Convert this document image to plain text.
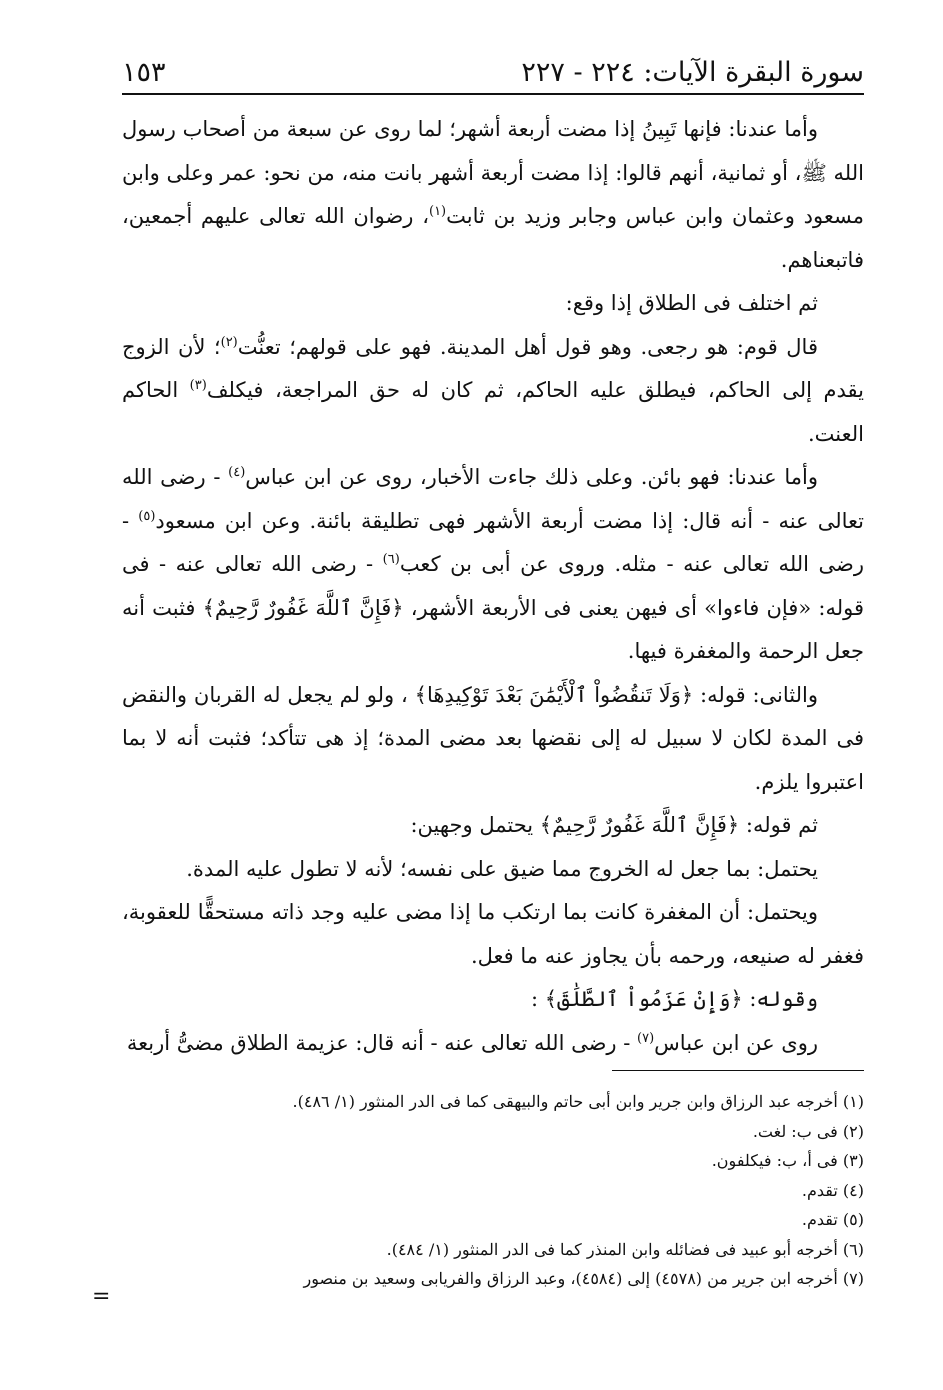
سورة البقرة الآيات: ٢٢٤ - ٢٢٧
١٥٣

وأما عندنا: فإنها تَبِينُ إذا مضت أربعة أشهر؛ لما روى عن سبعة من أصحاب رسول الله ﷺ، أو ثمانية، أنهم قالوا: إذا مضت أربعة أشهر بانت منه، من نحو: عمر وعلى وابن مسعود وعثمان وابن عباس وجابر وزيد بن ثابت$^{(١)}$، رضوان الله تعالى عليهم أجمعين، فاتبعناهم.

ثم اختلف فى الطلاق إذا وقع:

قال قوم: هو رجعى. وهو قول أهل المدينة. فهو على قولهم؛ تعنُّت$^{(٢)}$؛ لأن الزوج يقدم إلى الحاكم، فيطلق عليه الحاكم، ثم كان له حق المراجعة، فيكلف$^{(٣)}$ الحاكم العنت.

وأما عندنا: فهو بائن. وعلى ذلك جاءت الأخبار، روى عن ابن عباس$^{(٤)}$ - رضى الله تعالى عنه - أنه قال: إذا مضت أربعة الأشهر فهى تطليقة بائنة. وعن ابن مسعود$^{(٥)}$ - رضى الله تعالى عنه - مثله. وروى عن أبى بن كعب$^{(٦)}$ - رضى الله تعالى عنه - فى قوله: «فإن فاءوا» أى فيهن يعنى فى الأربعة الأشهر، ﴿فَإِنَّ ٱللَّهَ غَفُورٌ رَّحِيمٌ﴾ فثبت أنه جعل الرحمة والمغفرة فيها.

والثانى: قوله: ﴿وَلَا تَنقُضُواْ ٱلْأَيْمَٰنَ بَعْدَ تَوْكِيدِهَا﴾ ، ولو لم يجعل له القربان والنقض فى المدة لكان لا سبيل له إلى نقضها بعد مضى المدة؛ إذ هى تتأكد؛ فثبت أنه لا بما اعتبروا يلزم.

ثم قوله: ﴿فَإِنَّ ٱللَّهَ غَفُورٌ رَّحِيمٌ﴾ يحتمل وجهين:

يحتمل: بما جعل له الخروج مما ضيق على نفسه؛ لأنه لا تطول عليه المدة.

ويحتمل: أن المغفرة كانت بما ارتكب ما إذا مضى عليه وجد ذاته مستحقًّا للعقوبة، فغفر له صنيعه، ورحمه بأن يجاوز عنه ما فعل.

وقوله: ﴿وَإِنْ عَزَمُواْ ٱلطَّلَٰقَ﴾ :

روى عن ابن عباس$^{(٧)}$ - رضى الله تعالى عنه - أنه قال: عزيمة الطلاق مضىُّ أربعة

(١) أخرجه عبد الرزاق وابن جرير وابن أبى حاتم والبيهقى كما فى الدر المنثور (١/ ٤٨٦).
(٢) فى ب: لغت.
(٣) فى أ، ب: فيكلفون.
(٤) تقدم.
(٥) تقدم.
(٦) أخرجه أبو عبيد فى فضائله وابن المنذر كما فى الدر المنثور (١/ ٤٨٤).
(٧) أخرجه ابن جرير من (٤٥٧٨) إلى (٤٥٨٤)، وعبد الرزاق والفريابى وسعيد بن منصور
=
